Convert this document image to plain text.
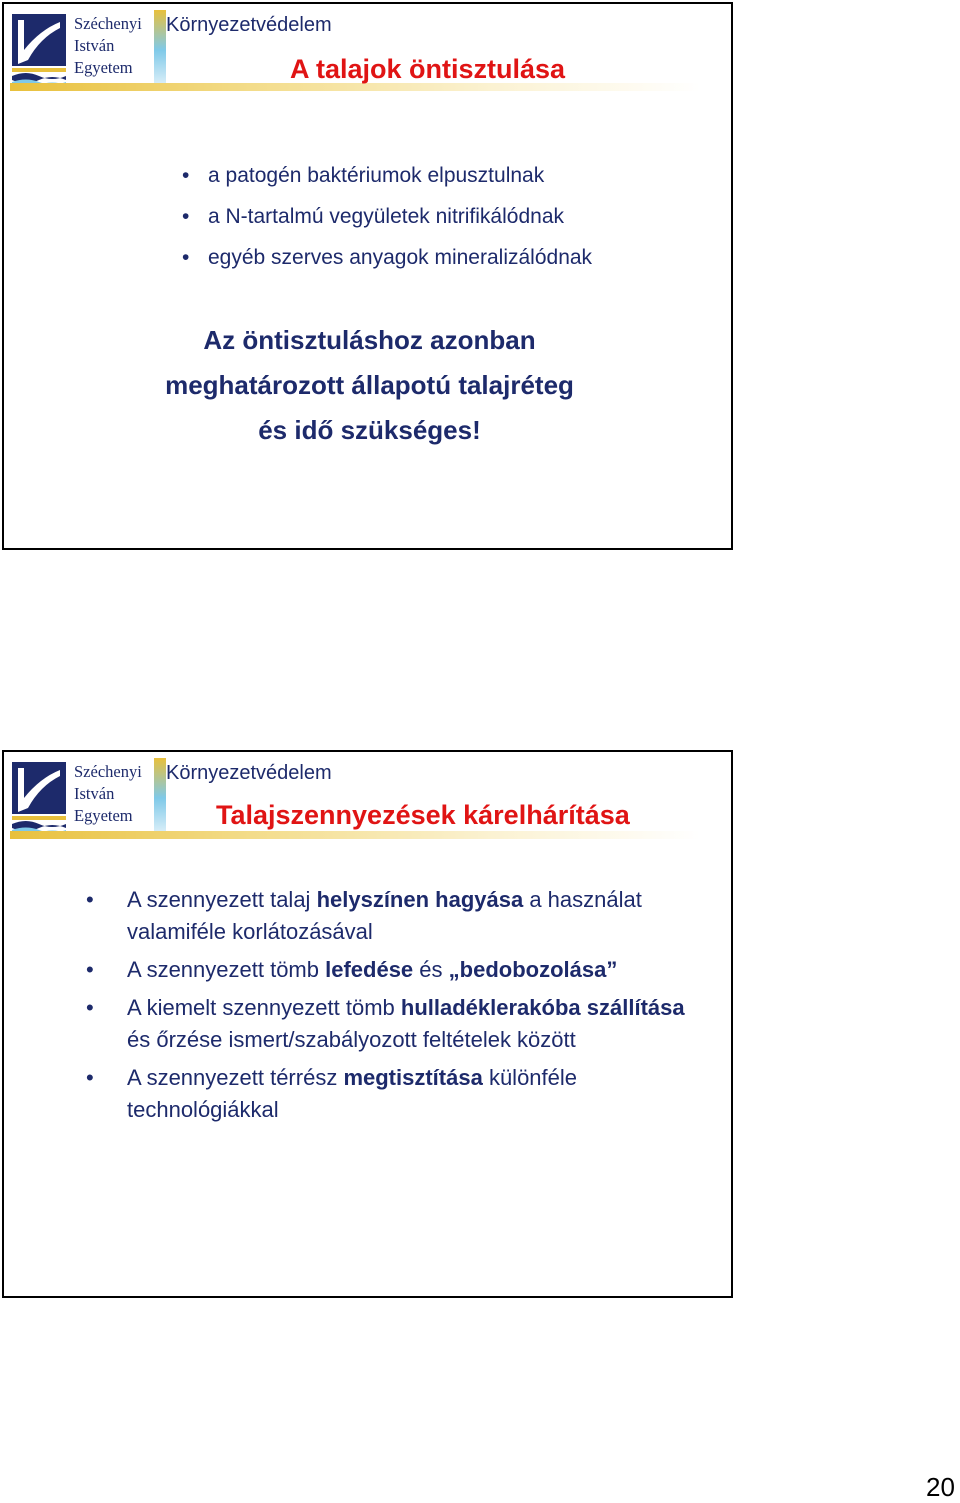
Széchenyi
István
Egyetem
Környezetvédelem
A talajok öntisztulása
• a patogén baktériumok elpusztulnak
• a N-tartalmú vegyületek nitrifikálódnak
• egyéb szerves anyagok mineralizálódnak
Az öntisztuláshoz azonban
meghatározott állapotú talajréteg
és idő szükséges!
Széchenyi
István
Egyetem
Környezetvédelem
Talajszennyezések kárelhárítása
• A szennyezett talaj helyszínen hagyása a használat valamiféle korlátozásával
• A szennyezett tömb lefedése és „bedobozolása”
• A kiemelt szennyezett tömb hulladéklerakóba szállítása és őrzése ismert/szabályozott feltételek között
• A szennyezett térrész megtisztítása különféle technológiákkal
20
